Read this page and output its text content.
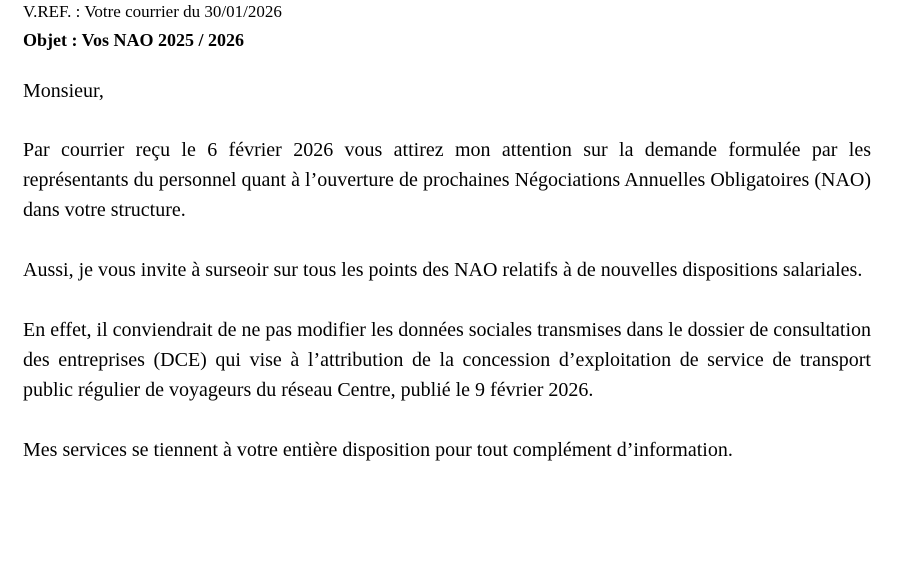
V.REF. : Votre courrier du 30/01/2026
Objet : Vos NAO 2025 / 2026
Monsieur,

Par courrier reçu le 6 février 2026 vous attirez mon attention sur la demande formulée par les représentants du personnel quant à l’ouverture de prochaines Négociations Annuelles Obligatoires (NAO) dans votre structure.

Aussi, je vous invite à surseoir sur tous les points des NAO relatifs à de nouvelles dispositions salariales.

En effet, il conviendrait de ne pas modifier les données sociales transmises dans le dossier de consultation des entreprises (DCE) qui vise à l’attribution de la concession d’exploitation de service de transport public régulier de voyageurs du réseau Centre, publié le 9 février 2026.

Mes services se tiennent à votre entière disposition pour tout complément d’information.
